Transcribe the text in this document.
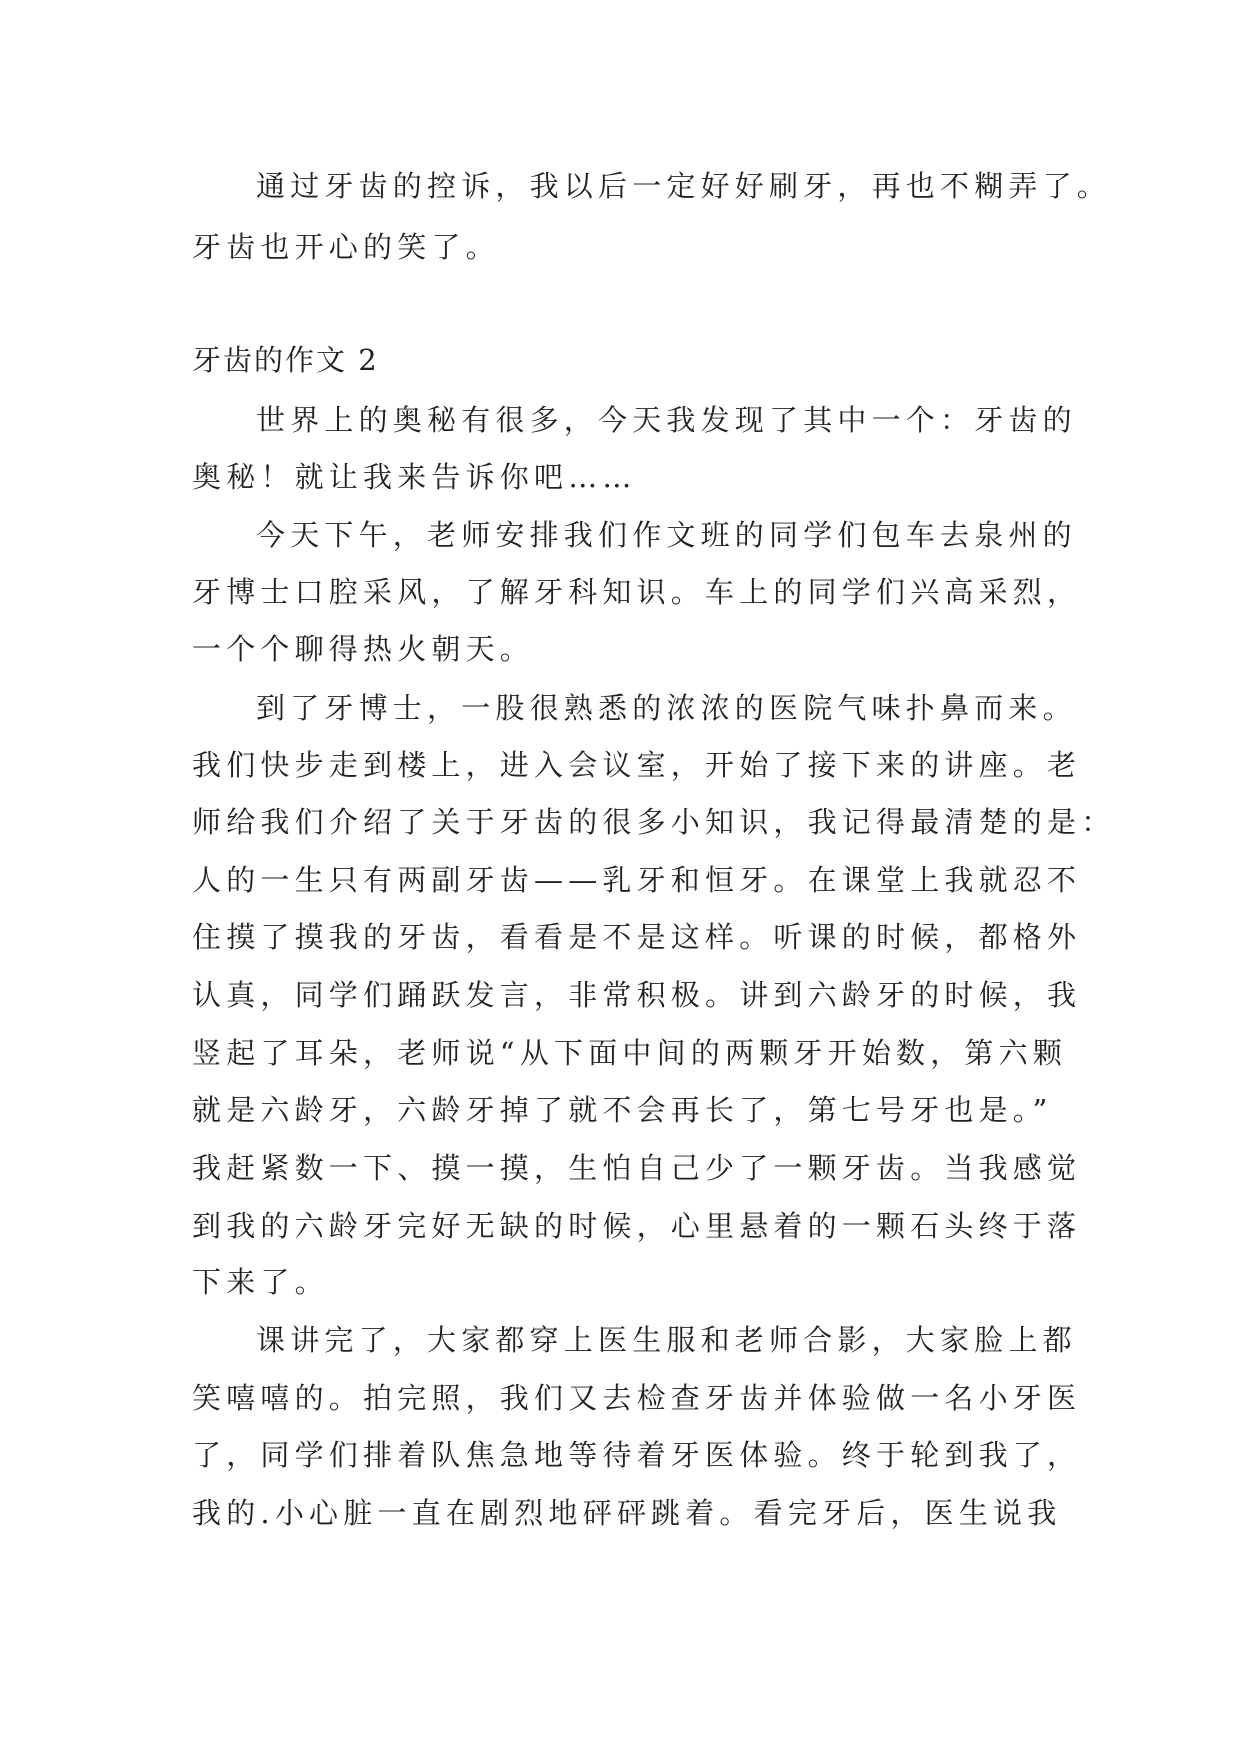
通过牙齿的控诉，我以后一定好好刷牙，再也不糊弄了。
牙齿也开心的笑了。
牙齿的作文 2
世界上的奥秘有很多，今天我发现了其中一个：牙齿的
奥秘！就让我来告诉你吧……
今天下午，老师安排我们作文班的同学们包车去泉州的
牙博士口腔采风，了解牙科知识。车上的同学们兴高采烈，
一个个聊得热火朝天。
到了牙博士，一股很熟悉的浓浓的医院气味扑鼻而来。
我们快步走到楼上，进入会议室，开始了接下来的讲座。老
师给我们介绍了关于牙齿的很多小知识，我记得最清楚的是：
人的一生只有两副牙齿——乳牙和恒牙。在课堂上我就忍不
住摸了摸我的牙齿，看看是不是这样。听课的时候，都格外
认真，同学们踊跃发言，非常积极。讲到六龄牙的时候，我
竖起了耳朵，老师说“从下面中间的两颗牙开始数，第六颗
就是六龄牙，六龄牙掉了就不会再长了，第七号牙也是。”
我赶紧数一下、摸一摸，生怕自己少了一颗牙齿。当我感觉
到我的六龄牙完好无缺的时候，心里悬着的一颗石头终于落
下来了。
课讲完了，大家都穿上医生服和老师合影，大家脸上都
笑嘻嘻的。拍完照，我们又去检查牙齿并体验做一名小牙医
了，同学们排着队焦急地等待着牙医体验。终于轮到我了，
我的.小心脏一直在剧烈地砰砰跳着。看完牙后，医生说我
